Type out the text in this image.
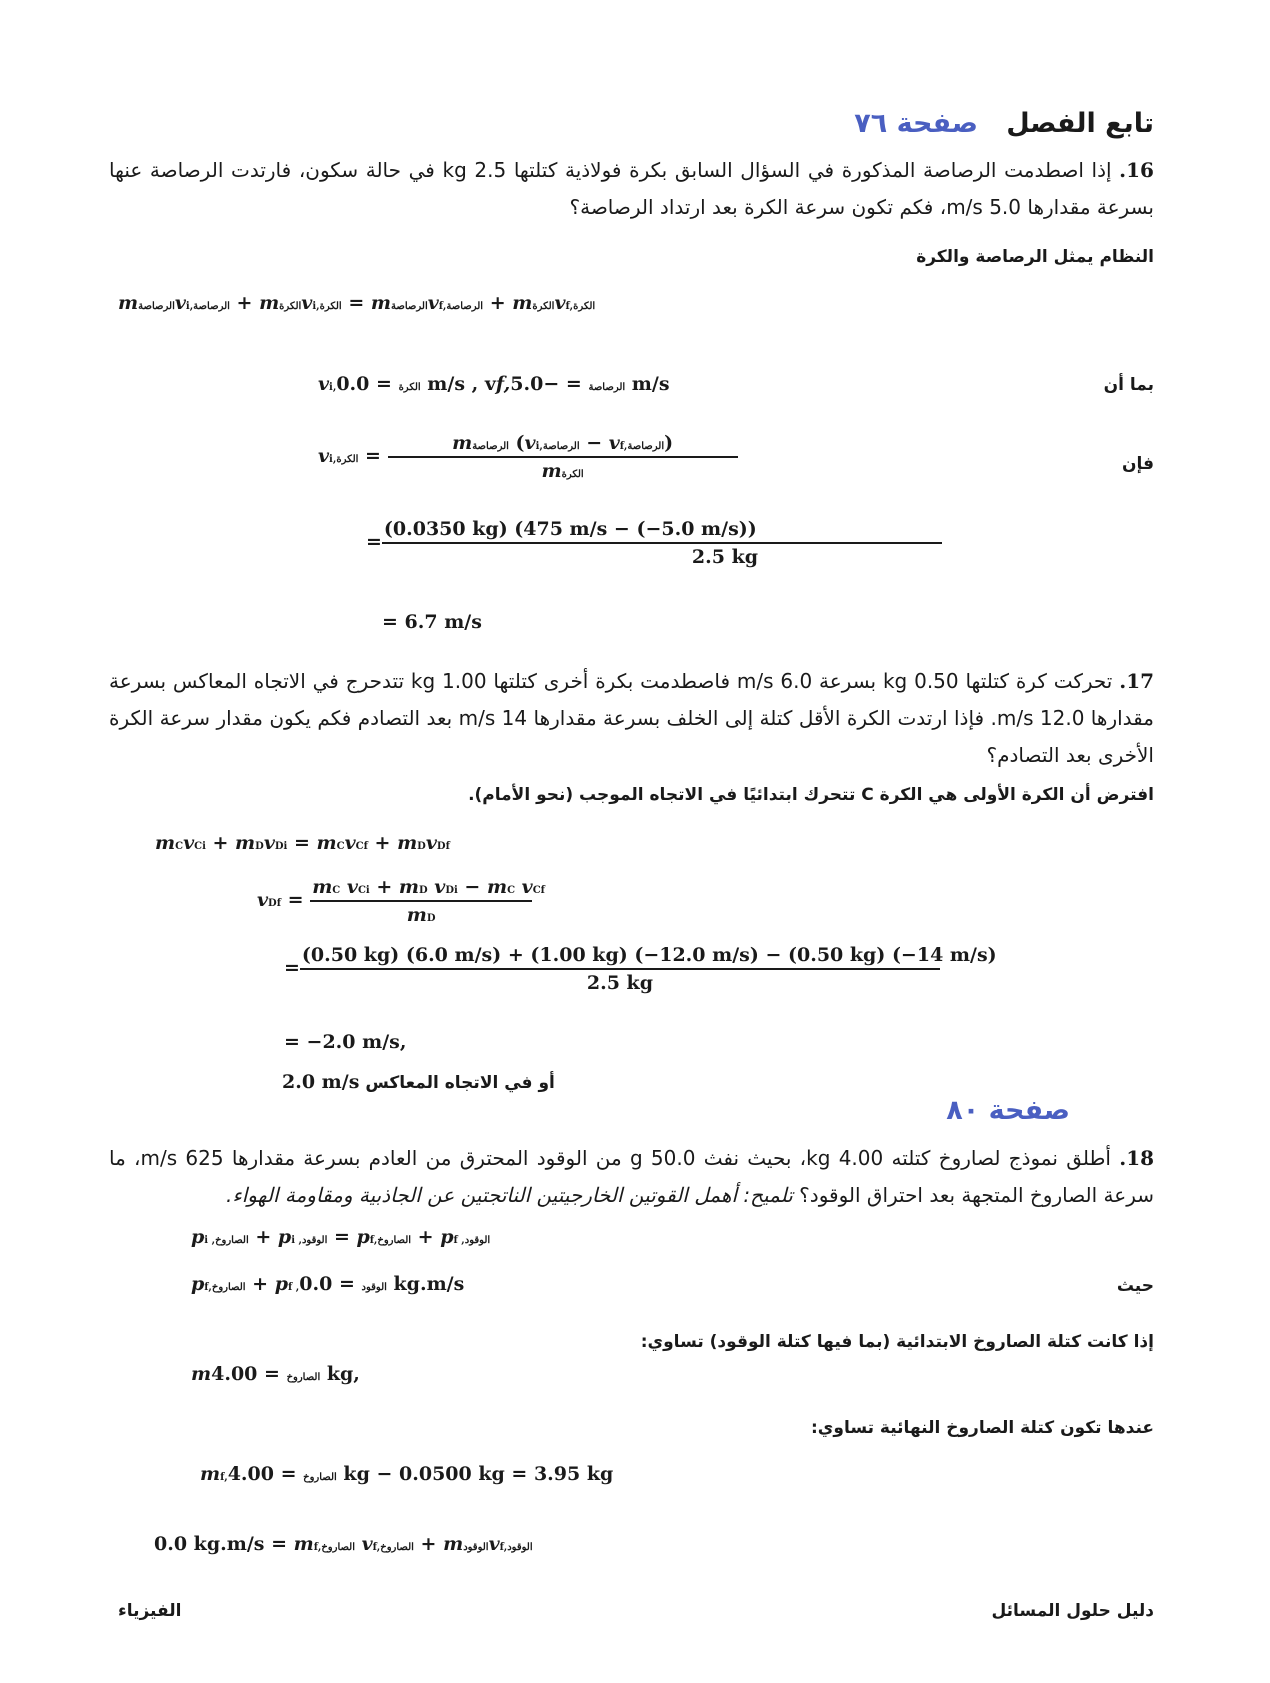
تابع الفصل   صفحة ٧٦
16. إذا اصطدمت الرصاصة المذكورة في السؤال السابق بكرة فولاذية كتلتها 2.5 kg في حالة سكون، فارتدت الرصاصة عنها بسرعة مقدارها 5.0 m/s، فكم تكون سرعة الكرة بعد ارتداد الرصاصة؟
النظام يمثل الرصاصة والكرة
mالرصاصةvi,الرصاصة + mالكرةvi,الكرة = mالرصاصةvf,الرصاصة + mالكرةvf,الكرة
بما أن
vi,الكرة = 0.0 m/s , vf,	الرصاصة = −5.0 m/s
فإن
vi,الكرة = $\frac{\text{mالرصاصة (vi,الرصاصة − vf,الرصاصة)}}{\text{mالكرة}}$
= $\frac{(0.0350 kg) (475 m/s - (-5.0 m/s))}{2.5 kg}$
= 6.7 m/s
17. تحركت كرة كتلتها 0.50 kg بسرعة 6.0 m/s فاصطدمت بكرة أخرى كتلتها 1.00 kg تتدحرج في الاتجاه المعاكس بسرعة مقدارها 12.0 m/s. فإذا ارتدت الكرة الأقل كتلة إلى الخلف بسرعة مقدارها 14 m/s بعد التصادم فكم يكون مقدار سرعة الكرة الأخرى بعد التصادم؟
افترض أن الكرة الأولى هي الكرة C تتحرك ابتدائيًا في الاتجاه الموجب (نحو الأمام).
mCvCi + mDvDi = mCvCf + mDvDf
vDf = $\frac{\text{mC vCi + mD vDi − mC vCf}}{mD}$
=
(0.50 kg) (6.0 m/s) + (1.00 kg) (−12.0 m/s) − (0.50 kg) (−14 m/s)
2.5 kg
= −2.0 m/s,
أو في الاتجاه المعاكس 2.0 m/s
صفحة ٨٠
18. أطلق نموذج لصاروخ كتلته 4.00 kg، بحيث نفث 50.0 g من الوقود المحترق من العادم بسرعة مقدارها 625 m/s، ما سرعة الصاروخ المتجهة بعد احتراق الوقود؟ تلميح: أهمل القوتين الخارجيتين الناتجتين عن الجاذبية ومقاومة الهواء.
pi ,الصاروخ + pi ,الوقود = pf,الصاروخ + pf ,الوقود
حيث
pf,الصاروخ + pf ,الوقود = 0.0 kg.m/s
إذا كانت كتلة الصاروخ الابتدائية (بما فيها كتلة الوقود) تساوي:
m	الصاروخ = 4.00 kg,
عندها تكون كتلة الصاروخ النهائية تساوي:
mf,الصاروخ = 4.00 kg − 0.0500 kg = 3.95 kg
0.0 kg.m/s = mf,الصاروخ vf,الصاروخ + mالوقودvf,الوقود
الفيزياء	دليل حلول المسائل
